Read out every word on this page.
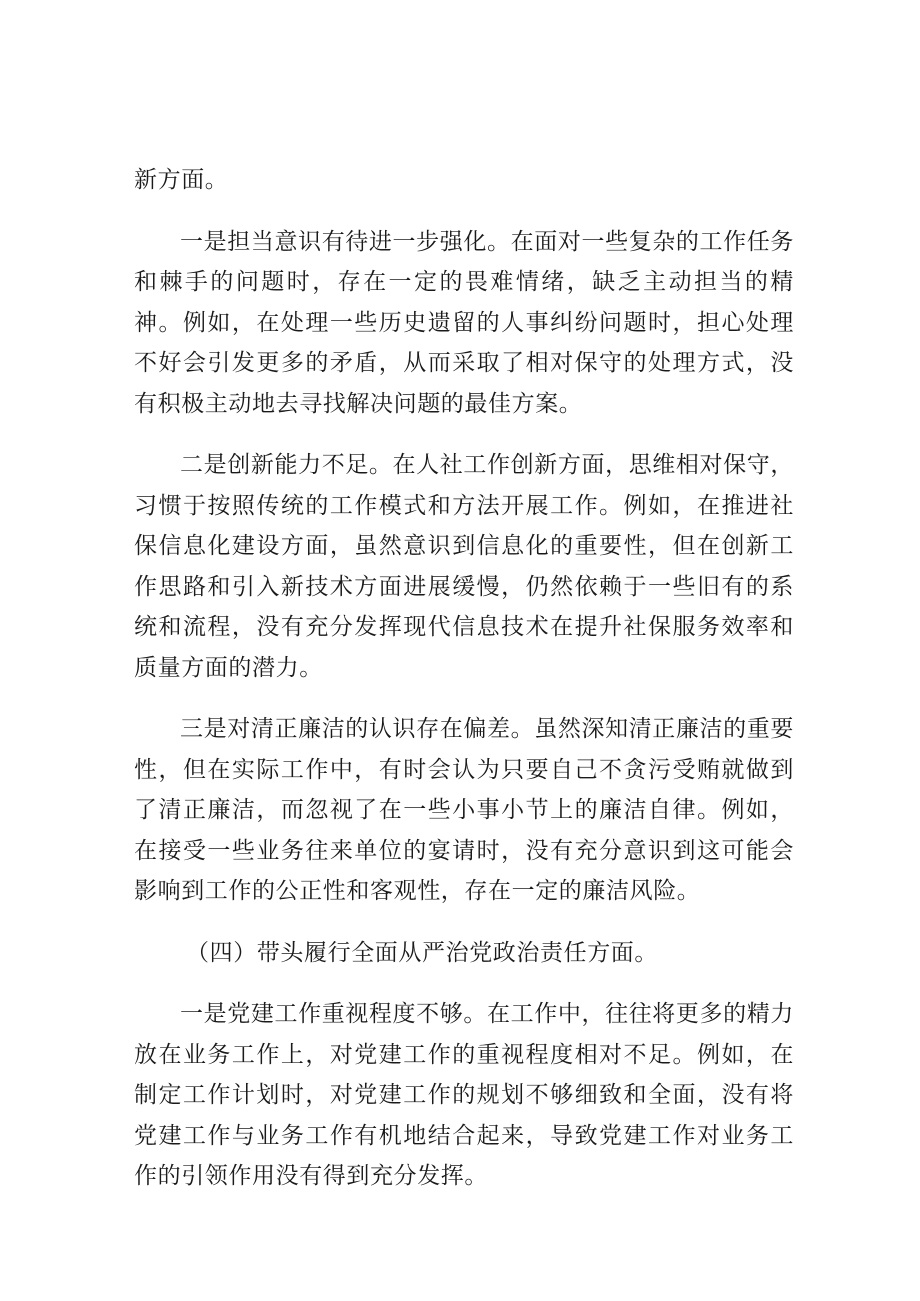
新方面。

一是担当意识有待进一步强化。在面对一些复杂的工作任务和棘手的问题时，存在一定的畏难情绪，缺乏主动担当的精神。例如，在处理一些历史遗留的人事纠纷问题时，担心处理不好会引发更多的矛盾，从而采取了相对保守的处理方式，没有积极主动地去寻找解决问题的最佳方案。

二是创新能力不足。在人社工作创新方面，思维相对保守，习惯于按照传统的工作模式和方法开展工作。例如，在推进社保信息化建设方面，虽然意识到信息化的重要性，但在创新工作思路和引入新技术方面进展缓慢，仍然依赖于一些旧有的系统和流程，没有充分发挥现代信息技术在提升社保服务效率和质量方面的潜力。

三是对清正廉洁的认识存在偏差。虽然深知清正廉洁的重要性，但在实际工作中，有时会认为只要自己不贪污受贿就做到了清正廉洁，而忽视了在一些小事小节上的廉洁自律。例如，在接受一些业务往来单位的宴请时，没有充分意识到这可能会影响到工作的公正性和客观性，存在一定的廉洁风险。

（四）带头履行全面从严治党政治责任方面。

一是党建工作重视程度不够。在工作中，往往将更多的精力放在业务工作上，对党建工作的重视程度相对不足。例如，在制定工作计划时，对党建工作的规划不够细致和全面，没有将党建工作与业务工作有机地结合起来，导致党建工作对业务工作的引领作用没有得到充分发挥。
